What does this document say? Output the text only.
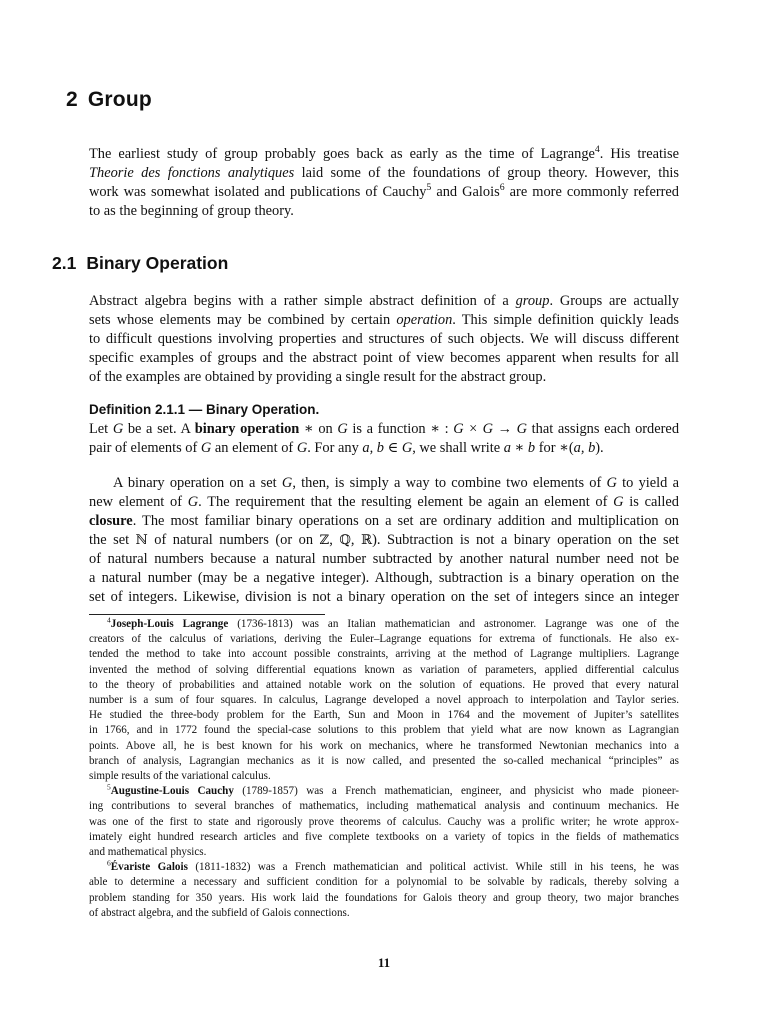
2 Group

The earliest study of group probably goes back as early as the time of Lagrange$^4$. His treatise
Theorie des fonctions analytiques laid some of the foundations of group theory. However, this
work was somewhat isolated and publications of Cauchy$^5$ and Galois$^6$ are more commonly referred
to as the beginning of group theory.

2.1 Binary Operation

Abstract algebra begins with a rather simple abstract definition of a group. Groups are actually
sets whose elements may be combined by certain operation. This simple definition quickly leads
to difficult questions involving properties and structures of such objects. We will discuss different
specific examples of groups and the abstract point of view becomes apparent when results for all
of the examples are obtained by providing a single result for the abstract group.

Definition 2.1.1 — Binary Operation.

Let G be a set. A binary operation ∗ on G is a function ∗ : G × G → G that assigns each ordered
pair of elements of G an element of G. For any a, b ∈ G, we shall write a ∗ b for ∗(a, b).

A binary operation on a set G, then, is simply a way to combine two elements of G to yield a
new element of G. The requirement that the resulting element be again an element of G is called
closure. The most familiar binary operations on a set are ordinary addition and multiplication on
the set ℕ of natural numbers (or on ℤ, ℚ, ℝ). Subtraction is not a binary operation on the set
of natural numbers because a natural number subtracted by another natural number need not be
a natural number (may be a negative integer). Although, subtraction is a binary operation on the
set of integers. Likewise, division is not a binary operation on the set of integers since an integer

$^4$Joseph-Louis Lagrange (1736-1813) was an Italian mathematician and astronomer. Lagrange was one of the
creators of the calculus of variations, deriving the Euler–Lagrange equations for extrema of functionals. He also ex-
tended the method to take into account possible constraints, arriving at the method of Lagrange multipliers. Lagrange
invented the method of solving differential equations known as variation of parameters, applied differential calculus
to the theory of probabilities and attained notable work on the solution of equations. He proved that every natural
number is a sum of four squares. In calculus, Lagrange developed a novel approach to interpolation and Taylor series.
He studied the three-body problem for the Earth, Sun and Moon in 1764 and the movement of Jupiter’s satellites
in 1766, and in 1772 found the special-case solutions to this problem that yield what are now known as Lagrangian
points. Above all, he is best known for his work on mechanics, where he transformed Newtonian mechanics into a
branch of analysis, Lagrangian mechanics as it is now called, and presented the so-called mechanical “principles” as
simple results of the variational calculus.
$^5$Augustine-Louis Cauchy (1789-1857) was a French mathematician, engineer, and physicist who made pioneer-
ing contributions to several branches of mathematics, including mathematical analysis and continuum mechanics. He
was one of the first to state and rigorously prove theorems of calculus. Cauchy was a prolific writer; he wrote approx-
imately eight hundred research articles and five complete textbooks on a variety of topics in the fields of mathematics
and mathematical physics.
$^6$Évariste Galois (1811-1832) was a French mathematician and political activist. While still in his teens, he was
able to determine a necessary and sufficient condition for a polynomial to be solvable by radicals, thereby solving a
problem standing for 350 years. His work laid the foundations for Galois theory and group theory, two major branches
of abstract algebra, and the subfield of Galois connections.
11
